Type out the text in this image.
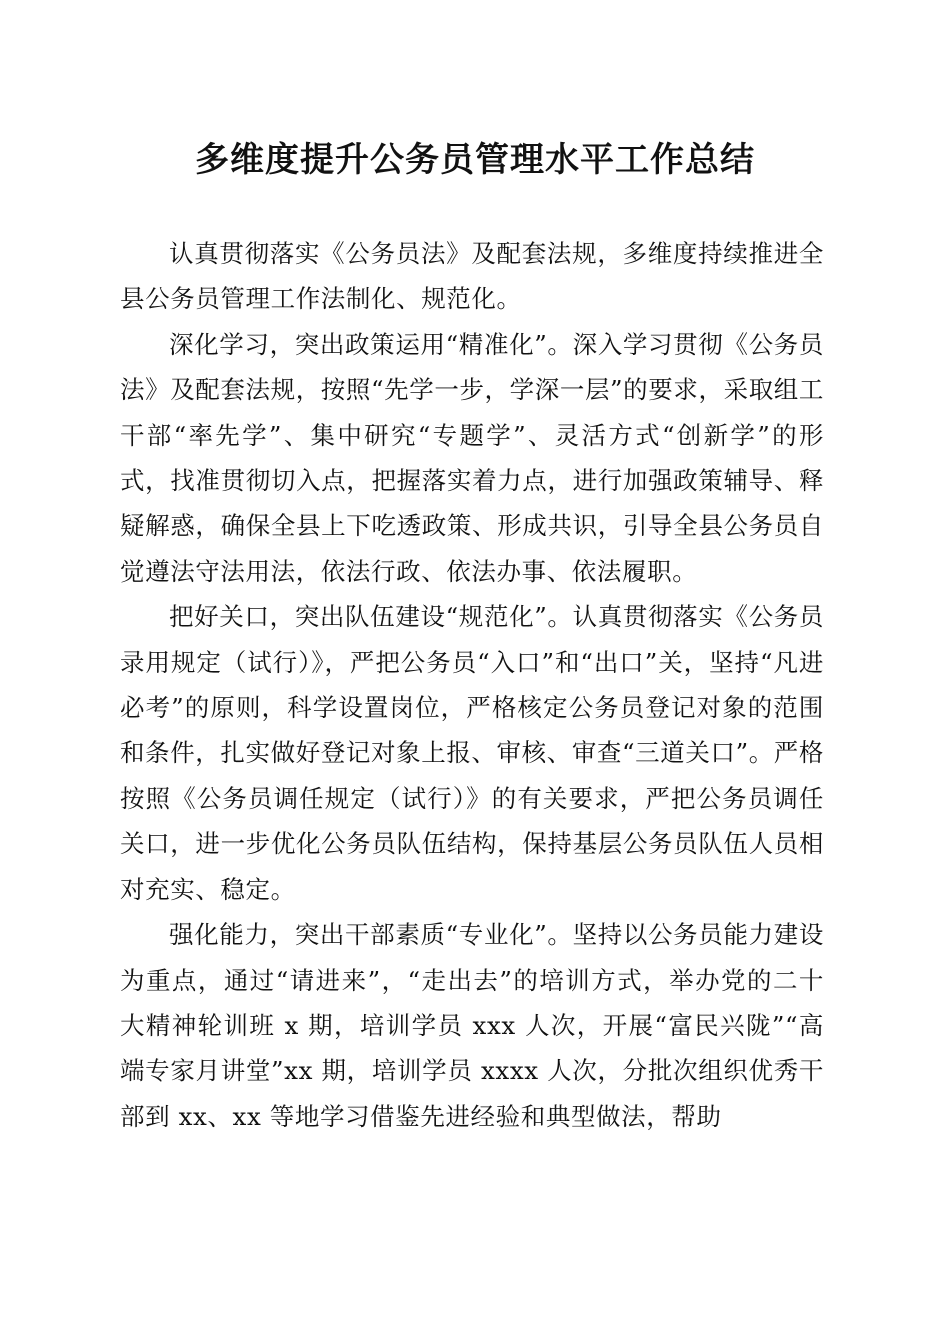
多维度提升公务员管理水平工作总结

认真贯彻落实《公务员法》及配套法规，多维度持续推进全县公务员管理工作法制化、规范化。

深化学习，突出政策运用“精准化”。深入学习贯彻《公务员法》及配套法规，按照“先学一步，学深一层”的要求，采取组工干部“率先学”、集中研究“专题学”、灵活方式“创新学”的形式，找准贯彻切入点，把握落实着力点，进行加强政策辅导、释疑解惑，确保全县上下吃透政策、形成共识，引导全县公务员自觉遵法守法用法，依法行政、依法办事、依法履职。

把好关口，突出队伍建设“规范化”。认真贯彻落实《公务员录用规定（试行）》，严把公务员“入口”和“出口”关，坚持“凡进必考”的原则，科学设置岗位，严格核定公务员登记对象的范围和条件，扎实做好登记对象上报、审核、审查“三道关口”。严格按照《公务员调任规定（试行）》的有关要求，严把公务员调任关口，进一步优化公务员队伍结构，保持基层公务员队伍人员相对充实、稳定。

强化能力，突出干部素质“专业化”。坚持以公务员能力建设为重点，通过“请进来”，“走出去”的培训方式，举办党的二十大精神轮训班 x 期，培训学员 xxx 人次，开展“富民兴陇”“高端专家月讲堂”xx 期，培训学员 xxxx 人次，分批次组织优秀干部到 xx、xx 等地学习借鉴先进经验和典型做法，帮助
